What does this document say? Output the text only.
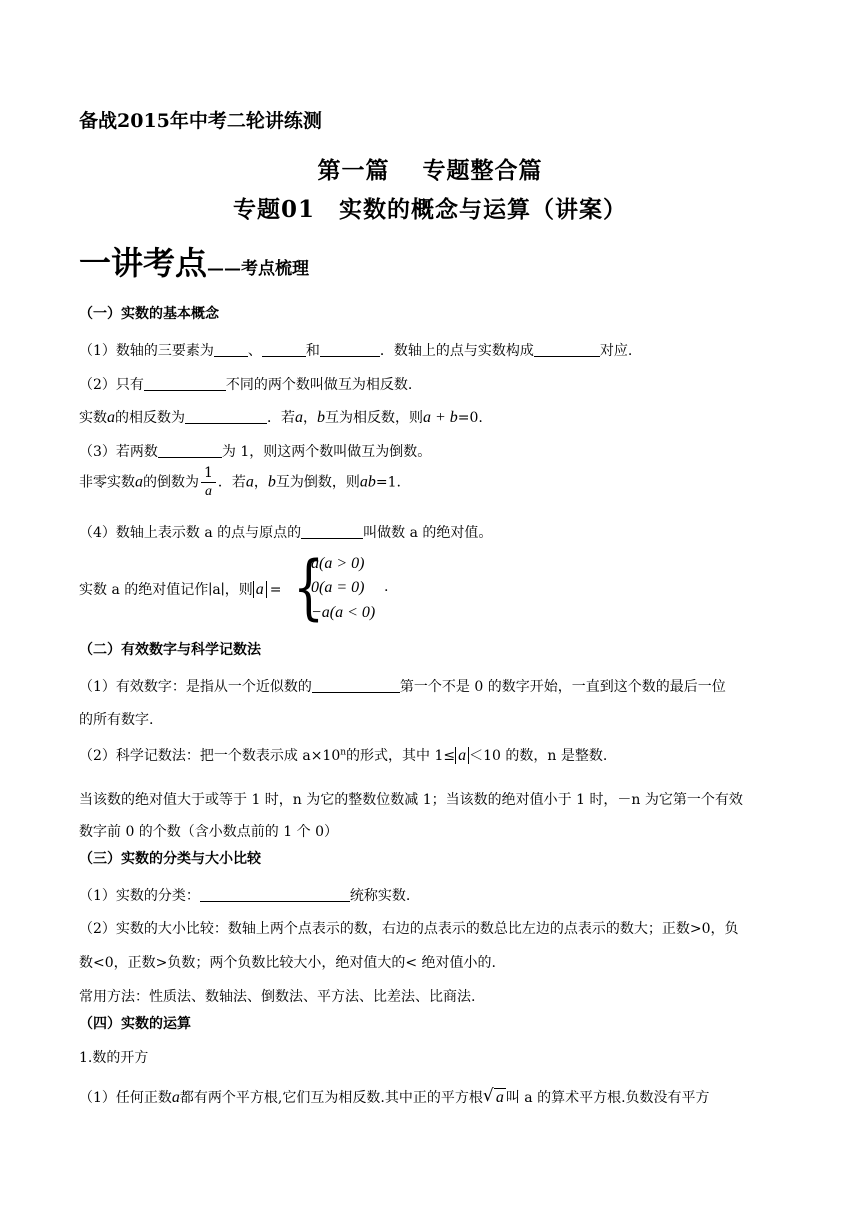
备战2015年中考二轮讲练测
第一篇　 专题整合篇
专题01　实数的概念与运算（讲案）
一讲考点——考点梳理
（一）实数的基本概念
（1）数轴的三要素为 、	和	．数轴上的点与实数构成	对应.
（2）只有	不同的两个数叫做互为相反数.
实数a的相反数为	．若a，b互为相反数，则a + b=0.
（3）若两数	为 1，则这两个数叫做互为倒数。
非零实数a的倒数为 $\frac{1}{a}$ ．若a，b互为倒数，则ab=1.
（4）数轴上表示数 a 的点与原点的	叫做数 a 的绝对值。
实数 a 的绝对值记作∣a∣，则 a = {
a(a > 0)
0(a = 0)
−a(a < 0)
.
（二）有效数字与科学记数法
（1）有效数字：是指从一个近似数的	第一个不是 0 的数字开始，一直到这个数的最后一位
的所有数字.
（2）科学记数法：把一个数表示成 $a\times 10^n$的形式，其中 1≤ a ＜10 的数，n 是整数.
当该数的绝对值大于或等于 1 时，n 为它的整数位数减 1；当该数的绝对值小于 1 时，－n 为它第一个有效
数字前 0 的个数（含小数点前的 1 个 0）
（三）实数的分类与大小比较
（1）实数的分类：	统称实数.
（2）实数的大小比较：数轴上两个点表示的数，右边的点表示的数总比左边的点表示的数大；正数>0，负
数<0，正数>负数；两个负数比较大小，绝对值大的< 绝对值小的.
常用方法：性质法、数轴法、倒数法、平方法、比差法、比商法.
（四）实数的运算
1.数的开方
（1）任何正数a都有两个平方根,它们互为相反数.其中正的平方根 √ a 叫 a 的算术平方根.负数没有平方
